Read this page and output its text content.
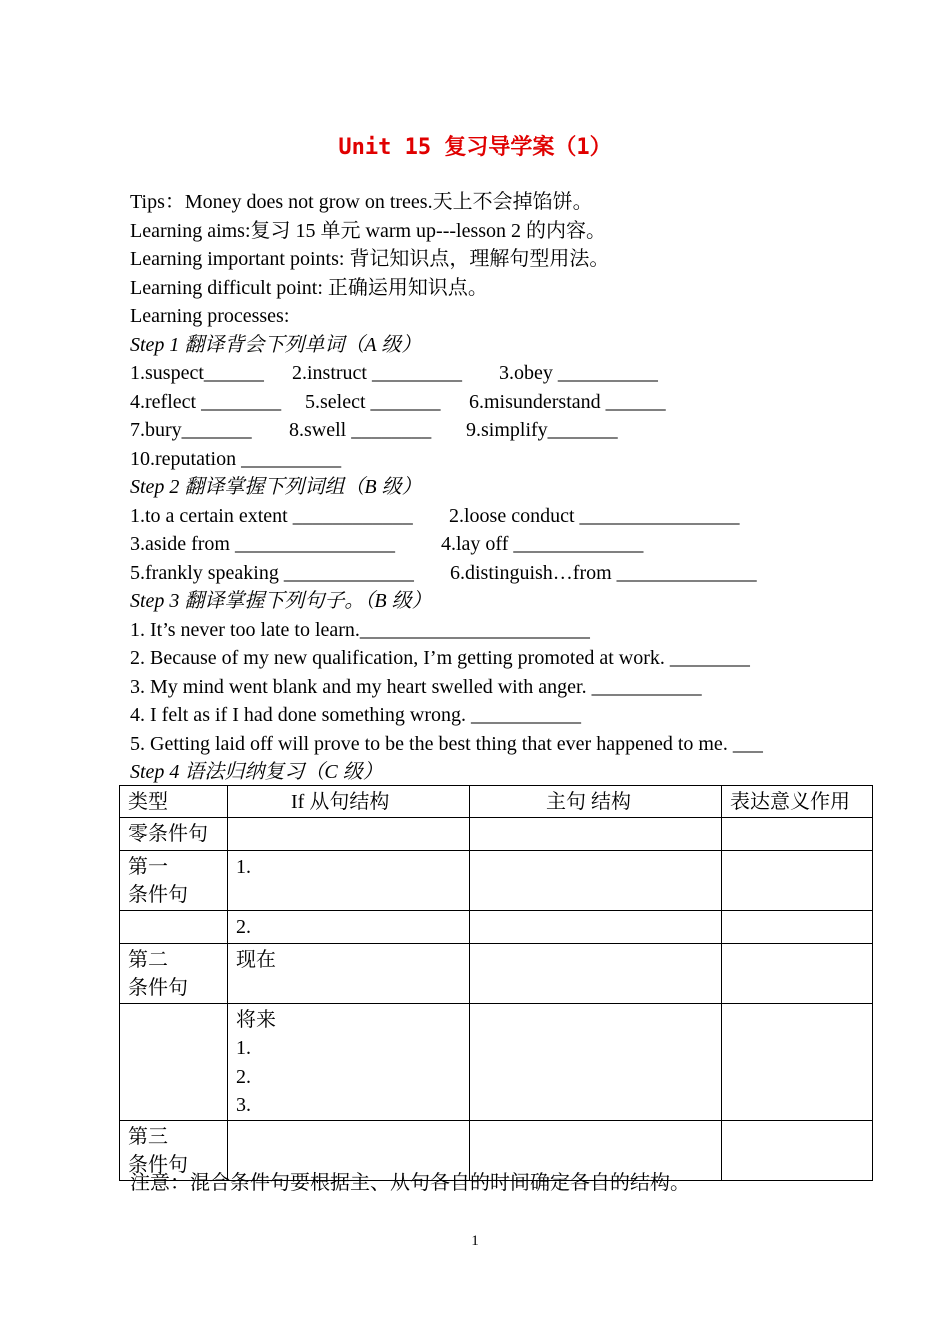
Unit 15 复习导学案（1）
Tips：Money does not grow on trees.天上不会掉馅饼。
Learning aims:复习 15 单元 warm up---lesson 2 的内容。
Learning important points: 背记知识点，理解句型用法。
Learning difficult point: 正确运用知识点。
Learning processes:
Step 1 翻译背会下列单词（A 级）
1.suspect______ 2.instruct _________ 3.obey __________
4.reflect ________ 5.select _______ 6.misunderstand ______
7.bury_______ 8.swell ________ 9.simplify_______
10.reputation __________
Step 2 翻译掌握下列词组（B 级）
1.to a certain extent ____________ 2.loose conduct ________________
3.aside from ________________ 4.lay off _____________
5.frankly speaking _____________ 6.distinguish…from ______________
Step 3 翻译掌握下列句子。（B 级）
1. It’s never too late to learn._______________________
2. Because of my new qualification, I’m getting promoted at work. ________
3. My mind went blank and my heart swelled with anger. ___________
4. I felt as if I had done something wrong. ___________
5. Getting laid off will prove to be the best thing that ever happened to me. ___
Step 4 语法归纳复习（C 级）
类型	If 从句结构	主句 结构	表达意义作用
零条件句			
第一
条件句	1.		
	2.		
第二
条件句	现在		
	将来
1.
2.
3.		
第三
条件句			
注意：混合条件句要根据主、从句各自的时间确定各自的结构。
1
